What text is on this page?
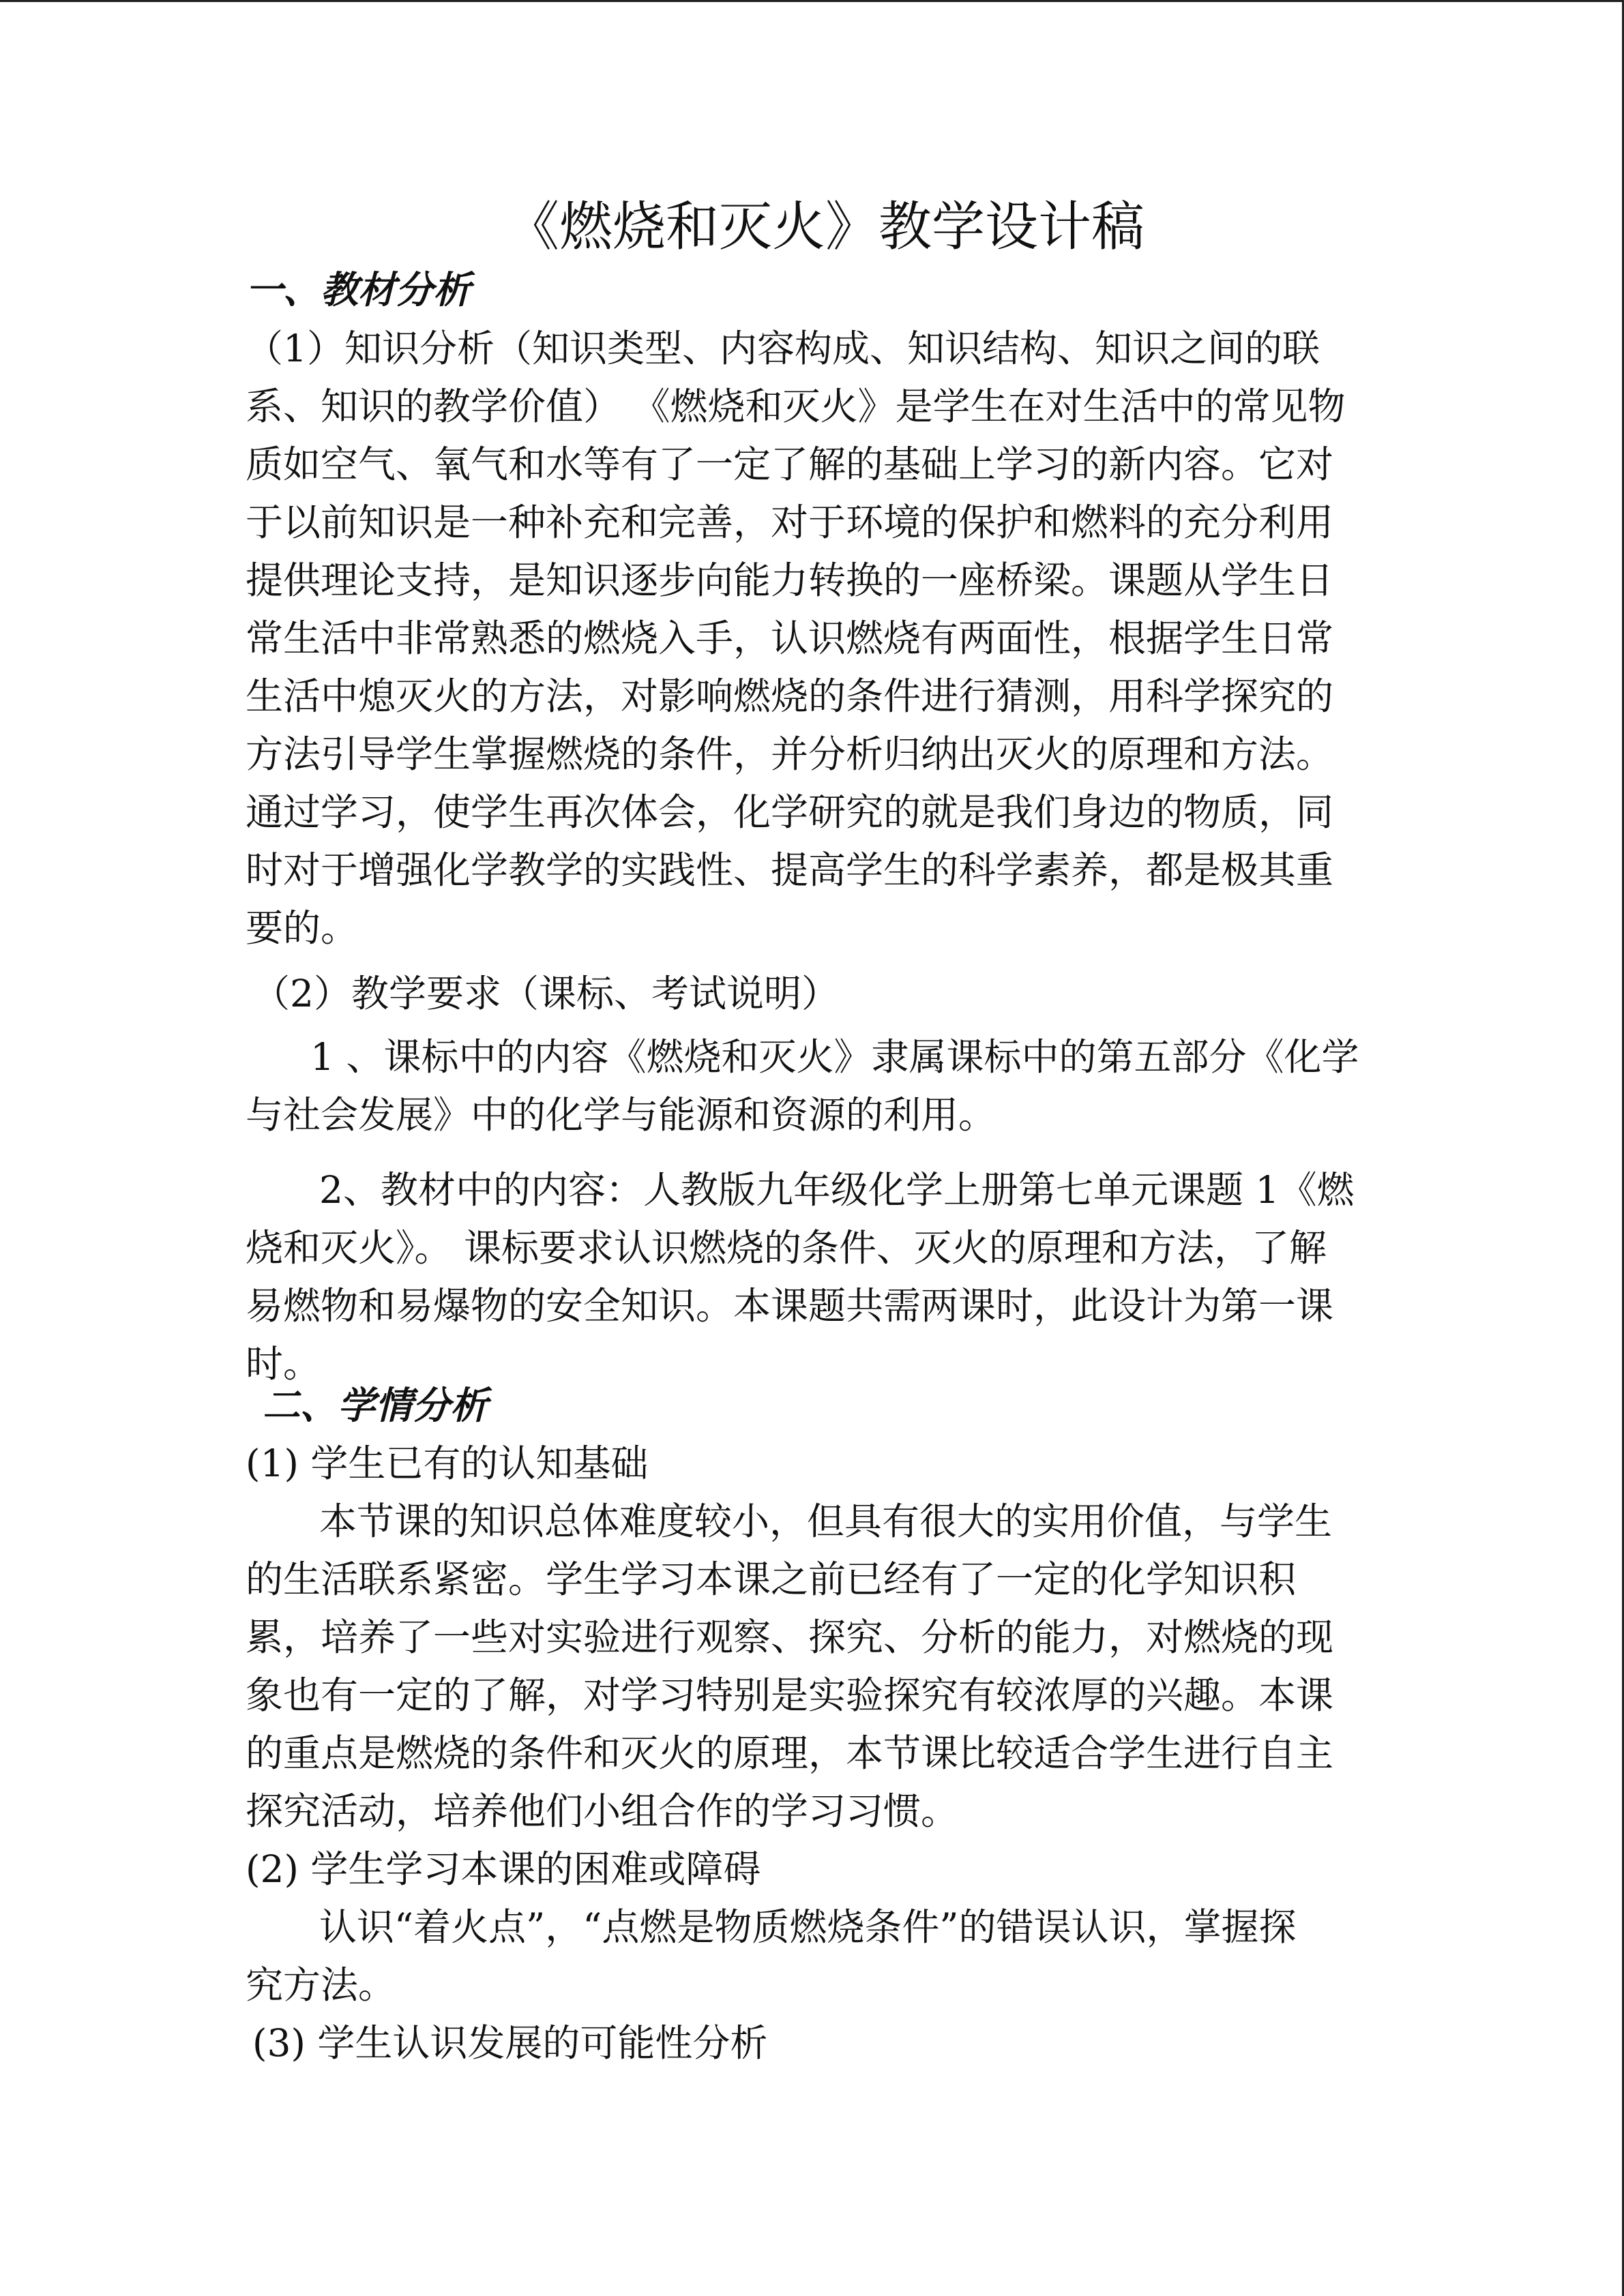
《燃烧和灭火》教学设计稿
一、教材分析
（1）知识分析（知识类型、内容构成、知识结构、知识之间的联
系、知识的教学价值） 《燃烧和灭火》是学生在对生活中的常见物
质如空气、氧气和水等有了一定了解的基础上学习的新内容。它对
于以前知识是一种补充和完善，对于环境的保护和燃料的充分利用
提供理论支持，是知识逐步向能力转换的一座桥梁。课题从学生日
常生活中非常熟悉的燃烧入手，认识燃烧有两面性，根据学生日常
生活中熄灭火的方法，对影响燃烧的条件进行猜测，用科学探究的
方法引导学生掌握燃烧的条件，并分析归纳出灭火的原理和方法。
通过学习，使学生再次体会，化学研究的就是我们身边的物质，同
时对于增强化学教学的实践性、提高学生的科学素养，都是极其重
要的。
（2）教学要求（课标、考试说明）
1 、课标中的内容《燃烧和灭火》隶属课标中的第五部分《化学
与社会发展》中的化学与能源和资源的利用。
2、教材中的内容：人教版九年级化学上册第七单元课题 1《燃
烧和灭火》。 课标要求认识燃烧的条件、灭火的原理和方法，了解
易燃物和易爆物的安全知识。本课题共需两课时，此设计为第一课
时。
二、学情分析
(1) 学生已有的认知基础
本节课的知识总体难度较小，但具有很大的实用价值，与学生
的生活联系紧密。学生学习本课之前已经有了一定的化学知识积
累，培养了一些对实验进行观察、探究、分析的能力，对燃烧的现
象也有一定的了解，对学习特别是实验探究有较浓厚的兴趣。本课
的重点是燃烧的条件和灭火的原理，本节课比较适合学生进行自主
探究活动，培养他们小组合作的学习习惯。
(2) 学生学习本课的困难或障碍
认识“着火点”，“点燃是物质燃烧条件”的错误认识，掌握探
究方法。
(3) 学生认识发展的可能性分析
